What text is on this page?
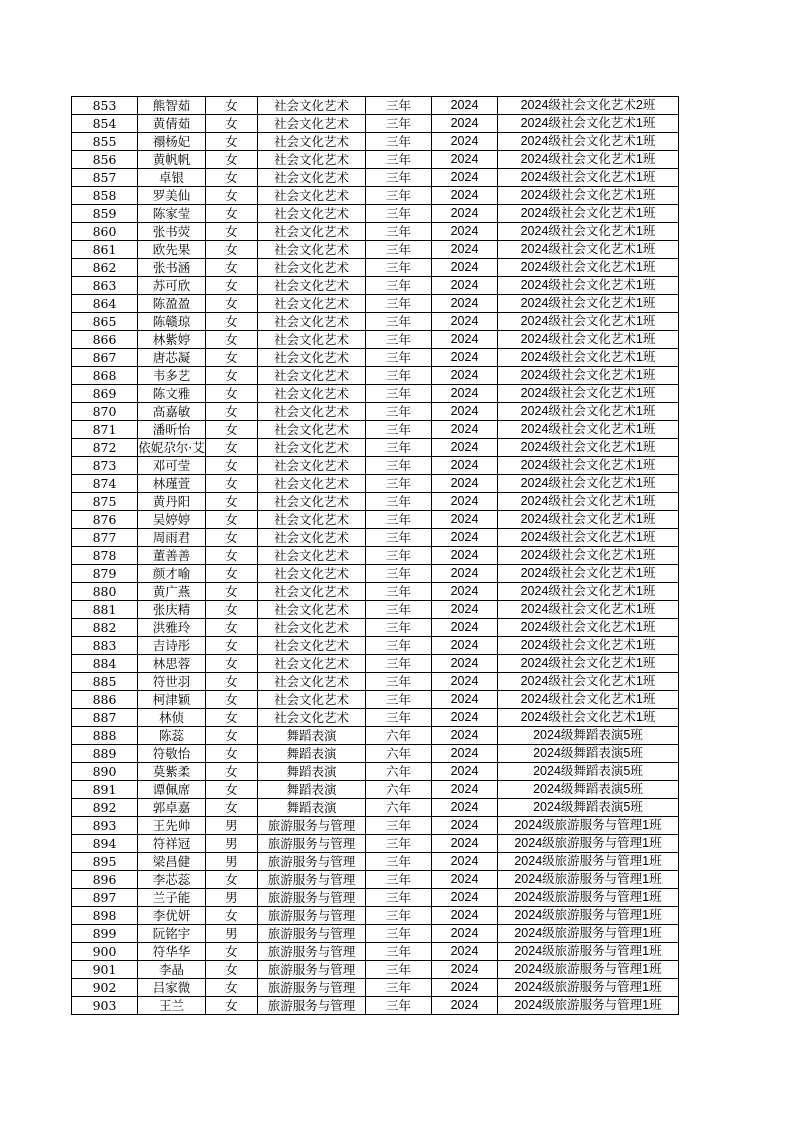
853	熊智茹	女	社会文化艺术	三年	2024	2024级社会文化艺术2班
854	黄倩茹	女	社会文化艺术	三年	2024	2024级社会文化艺术1班
855	禤杨妃	女	社会文化艺术	三年	2024	2024级社会文化艺术1班
856	黄帆帆	女	社会文化艺术	三年	2024	2024级社会文化艺术1班
857	卓银	女	社会文化艺术	三年	2024	2024级社会文化艺术1班
858	罗美仙	女	社会文化艺术	三年	2024	2024级社会文化艺术1班
859	陈家莹	女	社会文化艺术	三年	2024	2024级社会文化艺术1班
860	张书荧	女	社会文化艺术	三年	2024	2024级社会文化艺术1班
861	欧先果	女	社会文化艺术	三年	2024	2024级社会文化艺术1班
862	张书涵	女	社会文化艺术	三年	2024	2024级社会文化艺术1班
863	苏可欣	女	社会文化艺术	三年	2024	2024级社会文化艺术1班
864	陈盈盈	女	社会文化艺术	三年	2024	2024级社会文化艺术1班
865	陈赣琼	女	社会文化艺术	三年	2024	2024级社会文化艺术1班
866	林紫婷	女	社会文化艺术	三年	2024	2024级社会文化艺术1班
867	唐芯凝	女	社会文化艺术	三年	2024	2024级社会文化艺术1班
868	韦多艺	女	社会文化艺术	三年	2024	2024级社会文化艺术1班
869	陈文雅	女	社会文化艺术	三年	2024	2024级社会文化艺术1班
870	高嘉敏	女	社会文化艺术	三年	2024	2024级社会文化艺术1班
871	潘昕怡	女	社会文化艺术	三年	2024	2024级社会文化艺术1班
872	依妮尕尔·艾	女	社会文化艺术	三年	2024	2024级社会文化艺术1班
873	邓可莹	女	社会文化艺术	三年	2024	2024级社会文化艺术1班
874	林瑾萱	女	社会文化艺术	三年	2024	2024级社会文化艺术1班
875	黄丹阳	女	社会文化艺术	三年	2024	2024级社会文化艺术1班
876	吴婷婷	女	社会文化艺术	三年	2024	2024级社会文化艺术1班
877	周雨君	女	社会文化艺术	三年	2024	2024级社会文化艺术1班
878	董善善	女	社会文化艺术	三年	2024	2024级社会文化艺术1班
879	颜才喻	女	社会文化艺术	三年	2024	2024级社会文化艺术1班
880	黄广燕	女	社会文化艺术	三年	2024	2024级社会文化艺术1班
881	张庆精	女	社会文化艺术	三年	2024	2024级社会文化艺术1班
882	洪雅玲	女	社会文化艺术	三年	2024	2024级社会文化艺术1班
883	吉诗彤	女	社会文化艺术	三年	2024	2024级社会文化艺术1班
884	林思蓉	女	社会文化艺术	三年	2024	2024级社会文化艺术1班
885	符世羽	女	社会文化艺术	三年	2024	2024级社会文化艺术1班
886	柯津颖	女	社会文化艺术	三年	2024	2024级社会文化艺术1班
887	林侦	女	社会文化艺术	三年	2024	2024级社会文化艺术1班
888	陈蕊	女	舞蹈表演	六年	2024	2024级舞蹈表演5班
889	符敬怡	女	舞蹈表演	六年	2024	2024级舞蹈表演5班
890	莫紫柔	女	舞蹈表演	六年	2024	2024级舞蹈表演5班
891	谭佩席	女	舞蹈表演	六年	2024	2024级舞蹈表演5班
892	郭卓嘉	女	舞蹈表演	六年	2024	2024级舞蹈表演5班
893	王先帅	男	旅游服务与管理	三年	2024	2024级旅游服务与管理1班
894	符祥冠	男	旅游服务与管理	三年	2024	2024级旅游服务与管理1班
895	梁昌健	男	旅游服务与管理	三年	2024	2024级旅游服务与管理1班
896	李芯蕊	女	旅游服务与管理	三年	2024	2024级旅游服务与管理1班
897	兰子能	男	旅游服务与管理	三年	2024	2024级旅游服务与管理1班
898	李优妍	女	旅游服务与管理	三年	2024	2024级旅游服务与管理1班
899	阮铭宇	男	旅游服务与管理	三年	2024	2024级旅游服务与管理1班
900	符华华	女	旅游服务与管理	三年	2024	2024级旅游服务与管理1班
901	李晶	女	旅游服务与管理	三年	2024	2024级旅游服务与管理1班
902	吕家微	女	旅游服务与管理	三年	2024	2024级旅游服务与管理1班
903	王兰	女	旅游服务与管理	三年	2024	2024级旅游服务与管理1班
